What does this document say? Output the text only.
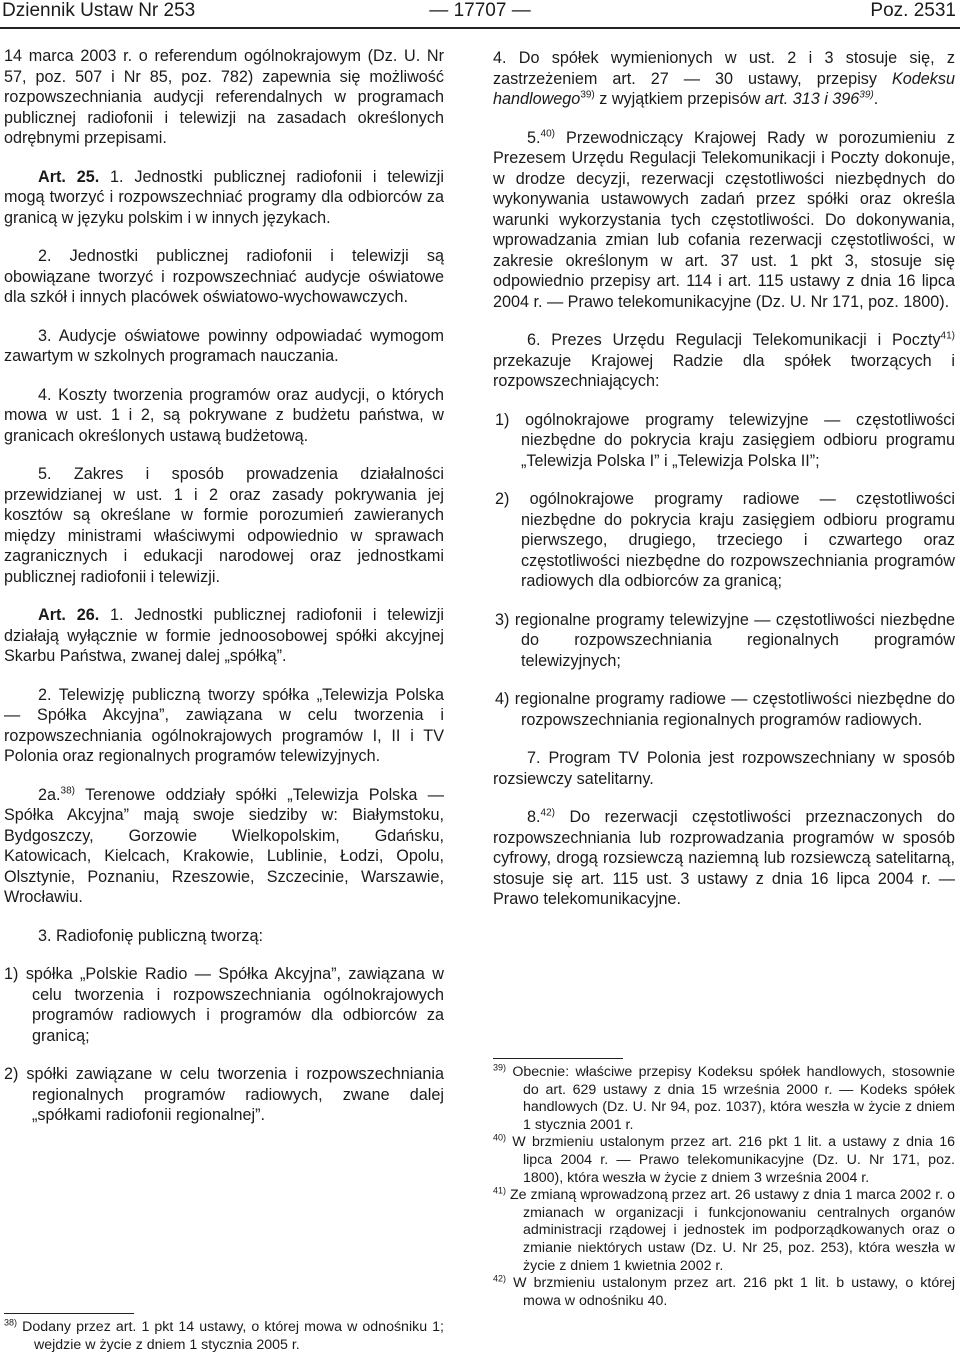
Dziennik Ustaw Nr 253	— 17707 —	Poz. 2531

14 marca 2003 r. o referendum ogólnokrajowym (Dz. U. Nr 57, poz. 507 i Nr 85, poz. 782) zapewnia się możliwość rozpowszechniania audycji referendalnych w programach publicznej radiofonii i telewizji na zasadach określonych odrębnymi przepisami.

Art. 25. 1. Jednostki publicznej radiofonii i telewizji mogą tworzyć i rozpowszechniać programy dla odbiorców za granicą w języku polskim i w innych językach.

2. Jednostki publicznej radiofonii i telewizji są obowiązane tworzyć i rozpowszechniać audycje oświatowe dla szkół i innych placówek oświatowo-wychowawczych.

3. Audycje oświatowe powinny odpowiadać wymogom zawartym w szkolnych programach nauczania.

4. Koszty tworzenia programów oraz audycji, o których mowa w ust. 1 i 2, są pokrywane z budżetu państwa, w granicach określonych ustawą budżetową.

5. Zakres i sposób prowadzenia działalności przewidzianej w ust. 1 i 2 oraz zasady pokrywania jej kosztów są określane w formie porozumień zawieranych między ministrami właściwymi odpowiednio w sprawach zagranicznych i edukacji narodowej oraz jednostkami publicznej radiofonii i telewizji.

Art. 26. 1. Jednostki publicznej radiofonii i telewizji działają wyłącznie w formie jednoosobowej spółki akcyjnej Skarbu Państwa, zwanej dalej „spółką”.

2. Telewizję publiczną tworzy spółka „Telewizja Polska — Spółka Akcyjna”, zawiązana w celu tworzenia i rozpowszechniania ogólnokrajowych programów I, II i TV Polonia oraz regionalnych programów telewizyjnych.

2a.$^{38)}$ Terenowe oddziały spółki „Telewizja Polska — Spółka Akcyjna” mają swoje siedziby w: Białymstoku, Bydgoszczy, Gorzowie Wielkopolskim, Gdańsku, Katowicach, Kielcach, Krakowie, Lublinie, Łodzi, Opolu, Olsztynie, Poznaniu, Rzeszowie, Szczecinie, Warszawie, Wrocławiu.

3. Radiofonię publiczną tworzą:

1) spółka „Polskie Radio — Spółka Akcyjna”, zawiązana w celu tworzenia i rozpowszechniania ogólnokrajowych programów radiowych i programów dla odbiorców za granicą;

2) spółki zawiązane w celu tworzenia i rozpowszechniania regionalnych programów radiowych, zwane dalej „spółkami radiofonii regionalnej”.

$^{38)}$ Dodany przez art. 1 pkt 14 ustawy, o której mowa w odnośniku 1; wejdzie w życie z dniem 1 stycznia 2005 r.

4. Do spółek wymienionych w ust. 2 i 3 stosuje się, z zastrzeżeniem art. 27 — 30 ustawy, przepisy Kodeksu handlowego$^{39)}$ z wyjątkiem przepisów art. 313 i 396$^{39)}$.

5.$^{40)}$ Przewodniczący Krajowej Rady w porozumieniu z Prezesem Urzędu Regulacji Telekomunikacji i Poczty dokonuje, w drodze decyzji, rezerwacji częstotliwości niezbędnych do wykonywania ustawowych zadań przez spółki oraz określa warunki wykorzystania tych częstotliwości. Do dokonywania, wprowadzania zmian lub cofania rezerwacji częstotliwości, w zakresie określonym w art. 37 ust. 1 pkt 3, stosuje się odpowiednio przepisy art. 114 i art. 115 ustawy z dnia 16 lipca 2004 r. — Prawo telekomunikacyjne (Dz. U. Nr 171, poz. 1800).

6. Prezes Urzędu Regulacji Telekomunikacji i Poczty$^{41)}$ przekazuje Krajowej Radzie dla spółek tworzących i rozpowszechniających:

1) ogólnokrajowe programy telewizyjne — częstotliwości niezbędne do pokrycia kraju zasięgiem odbioru programu „Telewizja Polska I” i „Telewizja Polska II”;

2) ogólnokrajowe programy radiowe — częstotliwości niezbędne do pokrycia kraju zasięgiem odbioru programu pierwszego, drugiego, trzeciego i czwartego oraz częstotliwości niezbędne do rozpowszechniania programów radiowych dla odbiorców za granicą;

3) regionalne programy telewizyjne — częstotliwości niezbędne do rozpowszechniania regionalnych programów telewizyjnych;

4) regionalne programy radiowe — częstotliwości niezbędne do rozpowszechniania regionalnych programów radiowych.

7. Program TV Polonia jest rozpowszechniany w sposób rozsiewczy satelitarny.

8.$^{42)}$ Do rezerwacji częstotliwości przeznaczonych do rozpowszechniania lub rozprowadzania programów w sposób cyfrowy, drogą rozsiewczą naziemną lub rozsiewczą satelitarną, stosuje się art. 115 ust. 3 ustawy z dnia 16 lipca 2004 r. — Prawo telekomunikacyjne.

$^{39)}$ Obecnie: właściwe przepisy Kodeksu spółek handlowych, stosownie do art. 629 ustawy z dnia 15 września 2000 r. — Kodeks spółek handlowych (Dz. U. Nr 94, poz. 1037), która weszła w życie z dniem 1 stycznia 2001 r.

$^{40)}$ W brzmieniu ustalonym przez art. 216 pkt 1 lit. a ustawy z dnia 16 lipca 2004 r. — Prawo telekomunikacyjne (Dz. U. Nr 171, poz. 1800), która weszła w życie z dniem 3 września 2004 r.

$^{41)}$ Ze zmianą wprowadzoną przez art. 26 ustawy z dnia 1 marca 2002 r. o zmianach w organizacji i funkcjonowaniu centralnych organów administracji rządowej i jednostek im podporządkowanych oraz o zmianie niektórych ustaw (Dz. U. Nr 25, poz. 253), która weszła w życie z dniem 1 kwietnia 2002 r.

$^{42)}$ W brzmieniu ustalonym przez art. 216 pkt 1 lit. b ustawy, o której mowa w odnośniku 40.
